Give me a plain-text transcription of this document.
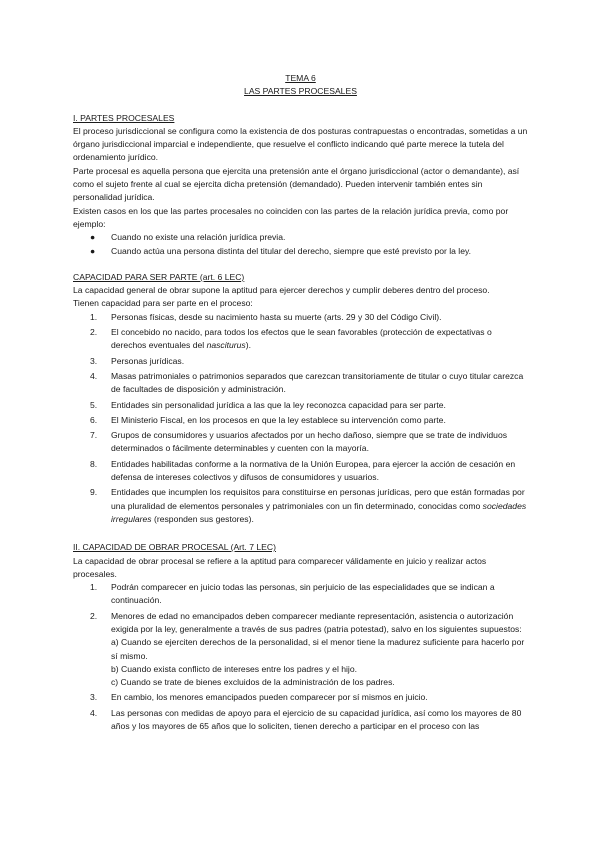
TEMA 6

LAS PARTES PROCESALES

I. PARTES PROCESALES

El proceso jurisdiccional se configura como la existencia de dos posturas contrapuestas o encontradas, sometidas a un órgano jurisdiccional imparcial e independiente, que resuelve el conflicto indicando qué parte merece la tutela del ordenamiento jurídico.

Parte procesal es aquella persona que ejercita una pretensión ante el órgano jurisdiccional (actor o demandante), así como el sujeto frente al cual se ejercita dicha pretensión (demandado). Pueden intervenir también entes sin personalidad jurídica.

Existen casos en los que las partes procesales no coinciden con las partes de la relación jurídica previa, como por ejemplo:

● Cuando no existe una relación jurídica previa.
● Cuando actúa una persona distinta del titular del derecho, siempre que esté previsto por la ley.

CAPACIDAD PARA SER PARTE (art. 6 LEC)

La capacidad general de obrar supone la aptitud para ejercer derechos y cumplir deberes dentro del proceso.

Tienen capacidad para ser parte en el proceso:

1. Personas físicas, desde su nacimiento hasta su muerte (arts. 29 y 30 del Código Civil).
2. El concebido no nacido, para todos los efectos que le sean favorables (protección de expectativas o derechos eventuales del nasciturus).
3. Personas jurídicas.
4. Masas patrimoniales o patrimonios separados que carezcan transitoriamente de titular o cuyo titular carezca de facultades de disposición y administración.
5. Entidades sin personalidad jurídica a las que la ley reconozca capacidad para ser parte.
6. El Ministerio Fiscal, en los procesos en que la ley establece su intervención como parte.
7. Grupos de consumidores y usuarios afectados por un hecho dañoso, siempre que se trate de individuos determinados o fácilmente determinables y cuenten con la mayoría.
8. Entidades habilitadas conforme a la normativa de la Unión Europea, para ejercer la acción de cesación en defensa de intereses colectivos y difusos de consumidores y usuarios.
9. Entidades que incumplen los requisitos para constituirse en personas jurídicas, pero que están formadas por una pluralidad de elementos personales y patrimoniales con un fin determinado, conocidas como sociedades irregulares (responden sus gestores).

II. CAPACIDAD DE OBRAR PROCESAL (Art. 7 LEC)

La capacidad de obrar procesal se refiere a la aptitud para comparecer válidamente en juicio y realizar actos procesales.

1. Podrán comparecer en juicio todas las personas, sin perjuicio de las especialidades que se indican a continuación.
2. Menores de edad no emancipados deben comparecer mediante representación, asistencia o autorización exigida por la ley, generalmente a través de sus padres (patria potestad), salvo en los siguientes supuestos:

a) Cuando se ejerciten derechos de la personalidad, si el menor tiene la madurez suficiente para hacerlo por sí mismo.

b) Cuando exista conflicto de intereses entre los padres y el hijo.

c) Cuando se trate de bienes excluidos de la administración de los padres.

3. En cambio, los menores emancipados pueden comparecer por sí mismos en juicio.
4. Las personas con medidas de apoyo para el ejercicio de su capacidad jurídica, así como los mayores de 80 años y los mayores de 65 años que lo soliciten, tienen derecho a participar en el proceso con las
